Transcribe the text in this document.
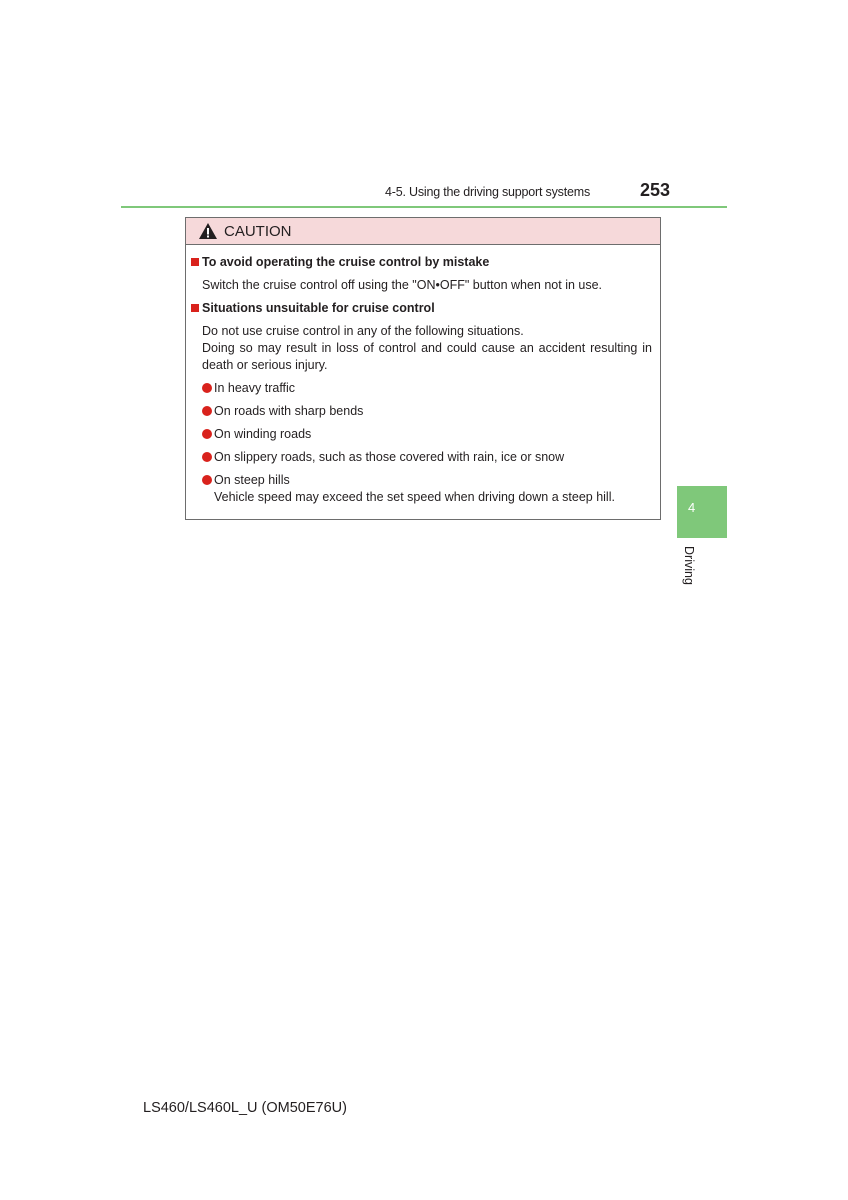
4-5. Using the driving support systems	253
CAUTION
To avoid operating the cruise control by mistake
Switch the cruise control off using the "ON•OFF" button when not in use.
Situations unsuitable for cruise control
Do not use cruise control in any of the following situations.
Doing so may result in loss of control and could cause an accident resulting in death or serious injury.
In heavy traffic
On roads with sharp bends
On winding roads
On slippery roads, such as those covered with rain, ice or snow
On steep hills
Vehicle speed may exceed the set speed when driving down a steep hill.
4
Driving
LS460/LS460L_U (OM50E76U)
